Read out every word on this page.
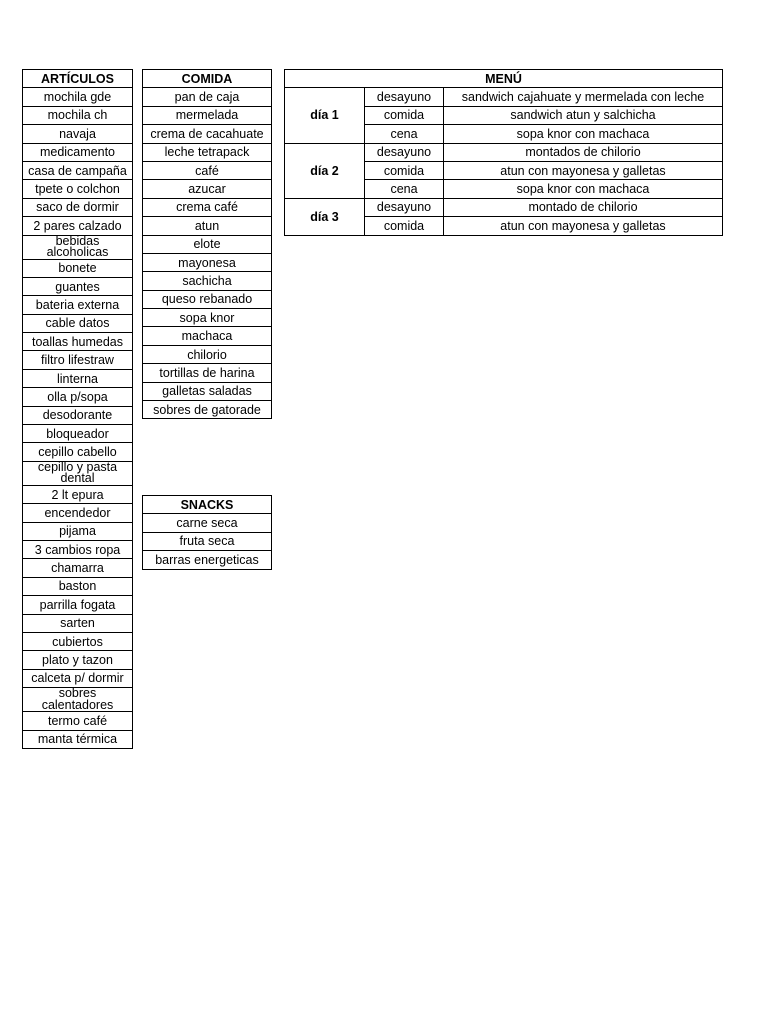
ARTÍCULOS
mochila gde
mochila ch
navaja
medicamento
casa de campaña
tpete o colchon
saco de dormir
2 pares calzado
bebidas alcoholicas
bonete
guantes
bateria externa
cable datos
toallas humedas
filtro lifestraw
linterna
olla p/sopa
desodorante
bloqueador
cepillo cabello
cepillo y pasta dental
2 lt epura
encendedor
pijama
3 cambios ropa
chamarra
baston
parrilla fogata
sarten
cubiertos
plato y tazon
calceta p/ dormir
sobres calentadores
termo café
manta térmica
COMIDA
pan de caja
mermelada
crema de cacahuate
leche tetrapack
café
azucar
crema café
atun
elote
mayonesa
sachicha
queso rebanado
sopa knor
machaca
chilorio
tortillas de harina
galletas saladas
sobres de gatorade
SNACKS
carne seca
fruta seca
barras energeticas
MENÚ		
día 1	desayuno	sandwich cajahuate y mermelada con leche
	comida	sandwich atun y salchicha
	cena	sopa knor con machaca
día 2	desayuno	montados de chilorio
	comida	atun con mayonesa y galletas
	cena	sopa knor con machaca
día 3	desayuno	montado de chilorio
	comida	atun con mayonesa y galletas
